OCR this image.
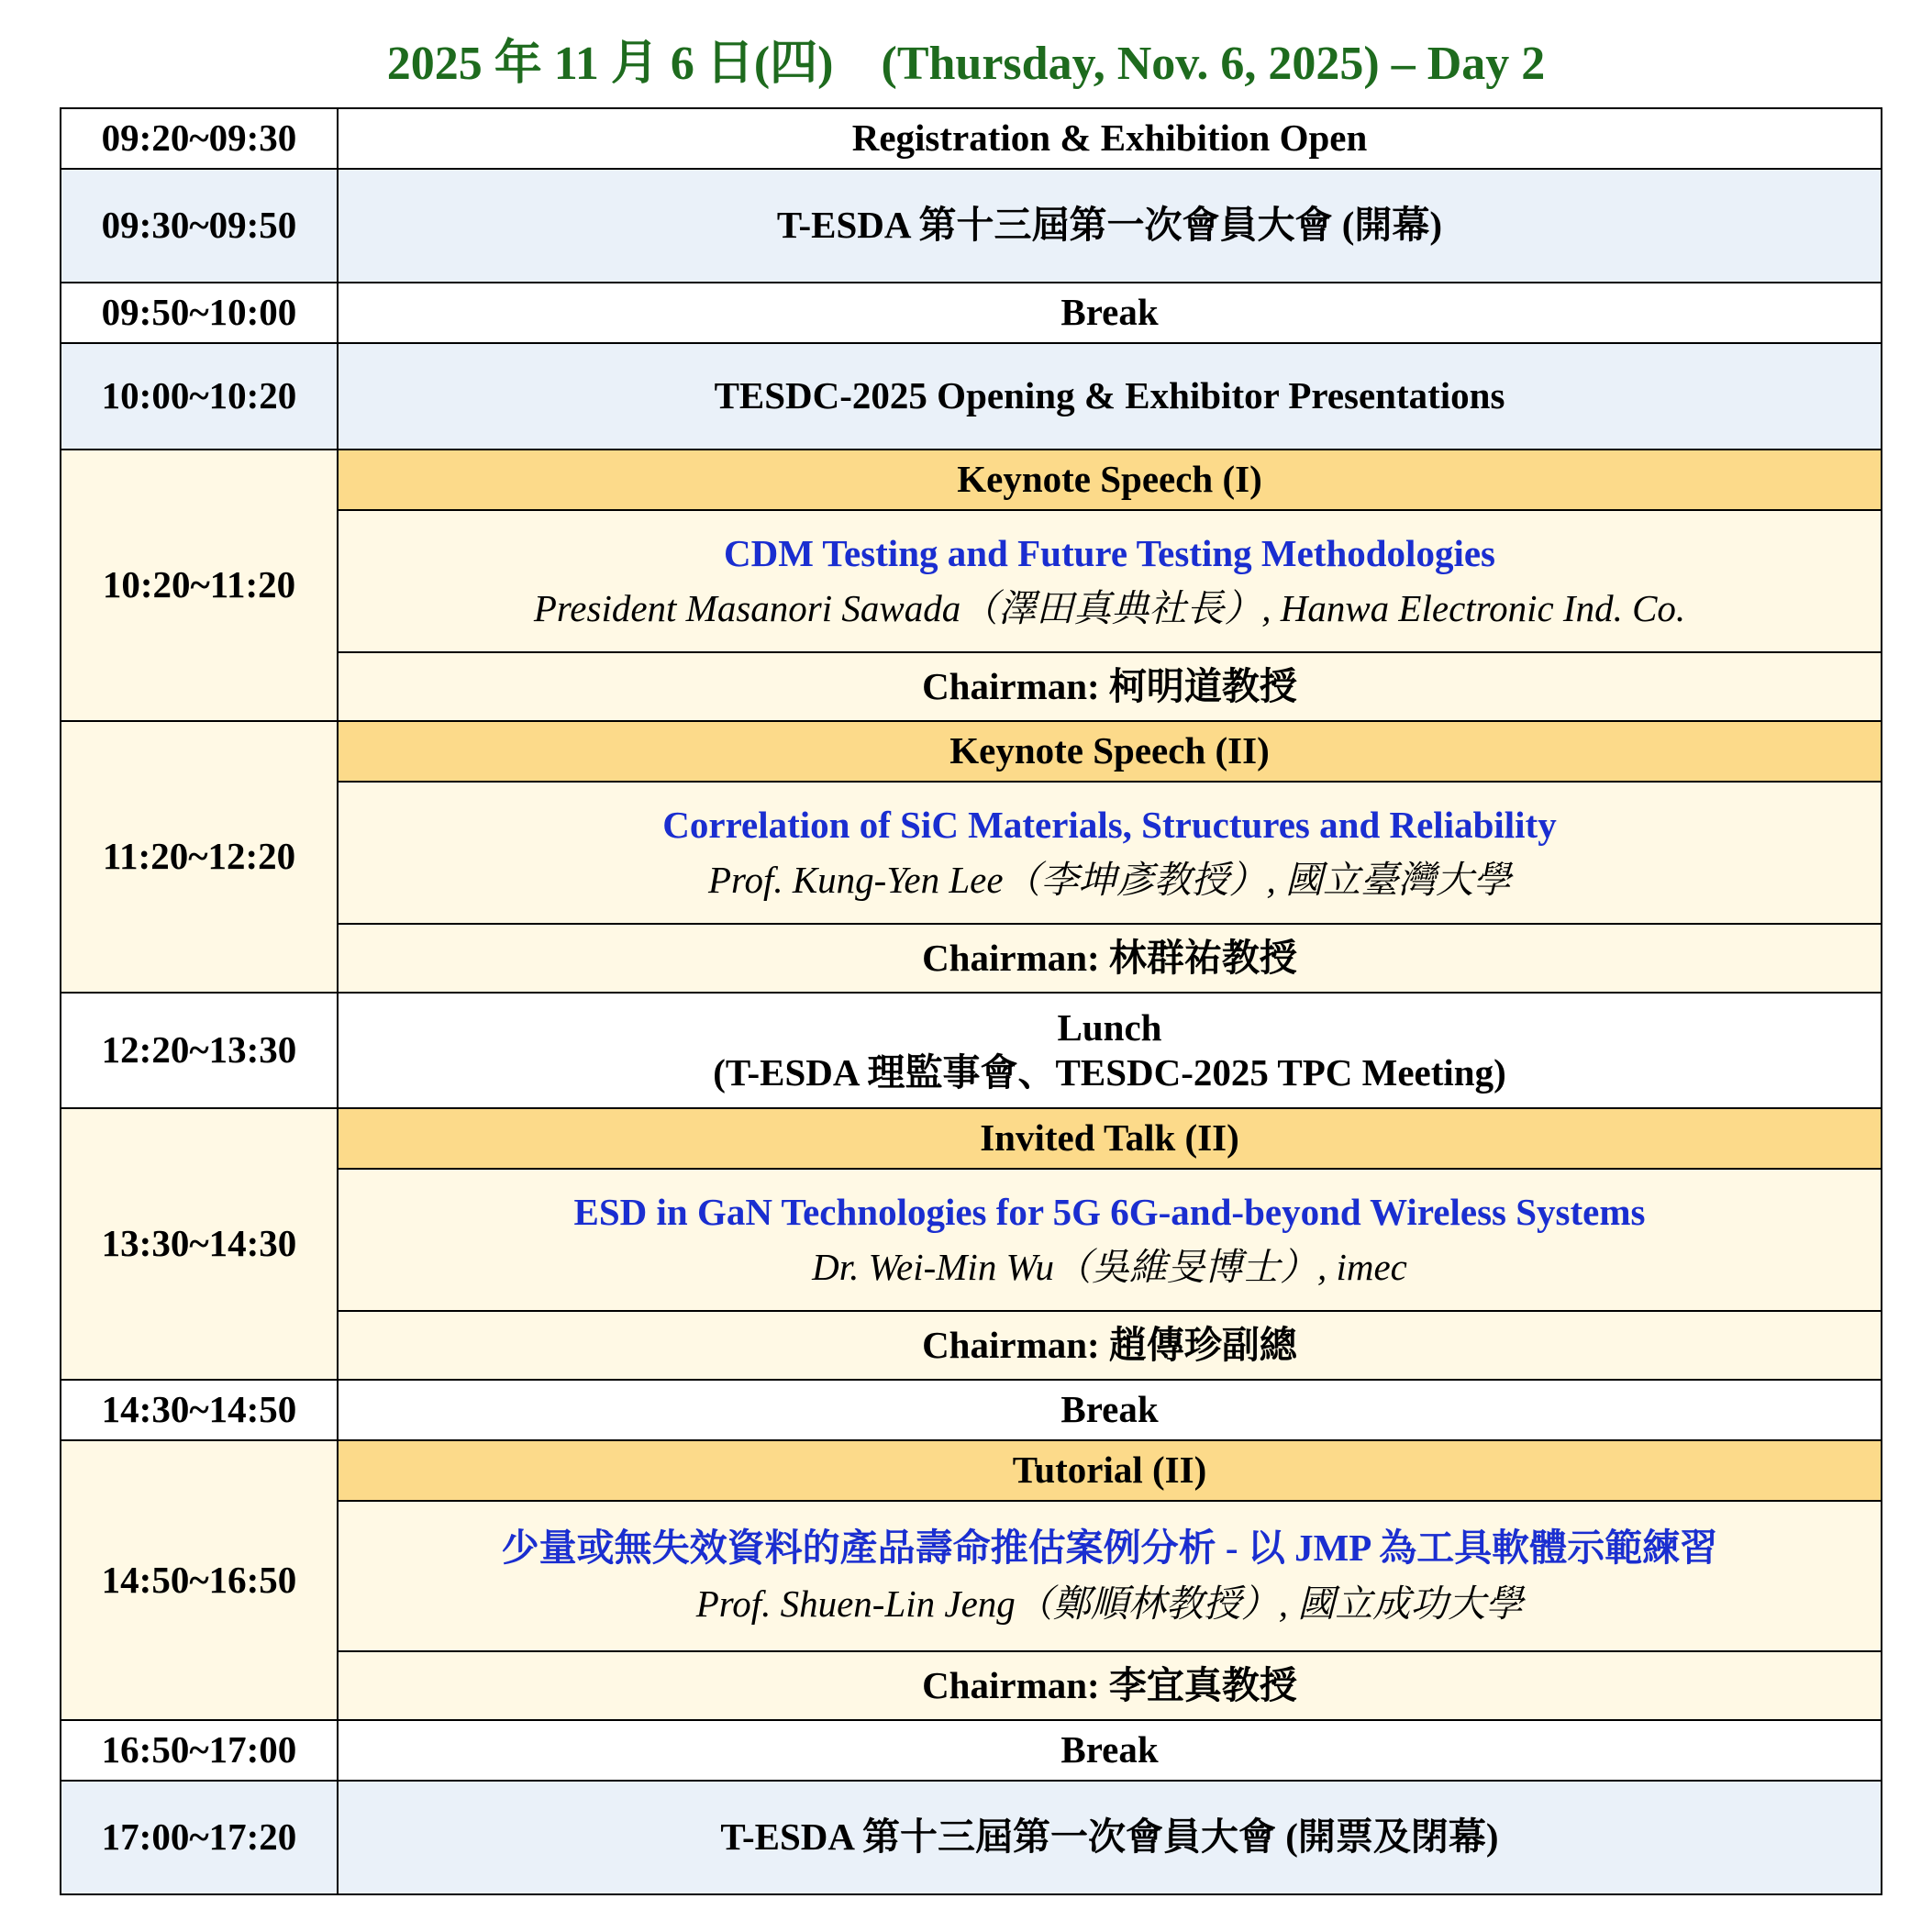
2025 年 11 月 6 日(四)    (Thursday, Nov. 6, 2025) – Day 2
09:20~09:30	Registration & Exhibition Open
09:30~09:50	T-ESDA 第十三屆第一次會員大會 (開幕)
09:50~10:00	Break
10:00~10:20	TESDC-2025 Opening & Exhibitor Presentations
10:20~11:20	Keynote Speech (I)

	CDM Testing and Future Testing Methodologies
President Masanori Sawada（澤田真典社長）, Hanwa Electronic Ind. Co.

	Chairman: 柯明道教授
11:20~12:20	Keynote Speech (II)

	Correlation of SiC Materials, Structures and Reliability
Prof. Kung-Yen Lee（李坤彥教授）, 國立臺灣大學

	Chairman: 林群祐教授
12:20~13:30	Lunch
(T-ESDA 理監事會、TESDC-2025 TPC Meeting)

13:30~14:30	Invited Talk (II)

	ESD in GaN Technologies for 5G 6G-and-beyond Wireless Systems
Dr. Wei-Min Wu（吳維旻博士）, imec

	Chairman: 趙傳珍副總
14:30~14:50	Break
14:50~16:50	Tutorial (II)

	少量或無失效資料的產品壽命推估案例分析 - 以 JMP 為工具軟體示範練習
Prof. Shuen-Lin Jeng（鄭順林教授）, 國立成功大學

	Chairman: 李宜真教授
16:50~17:00	Break
17:00~17:20	T-ESDA 第十三屆第一次會員大會 (開票及閉幕)
